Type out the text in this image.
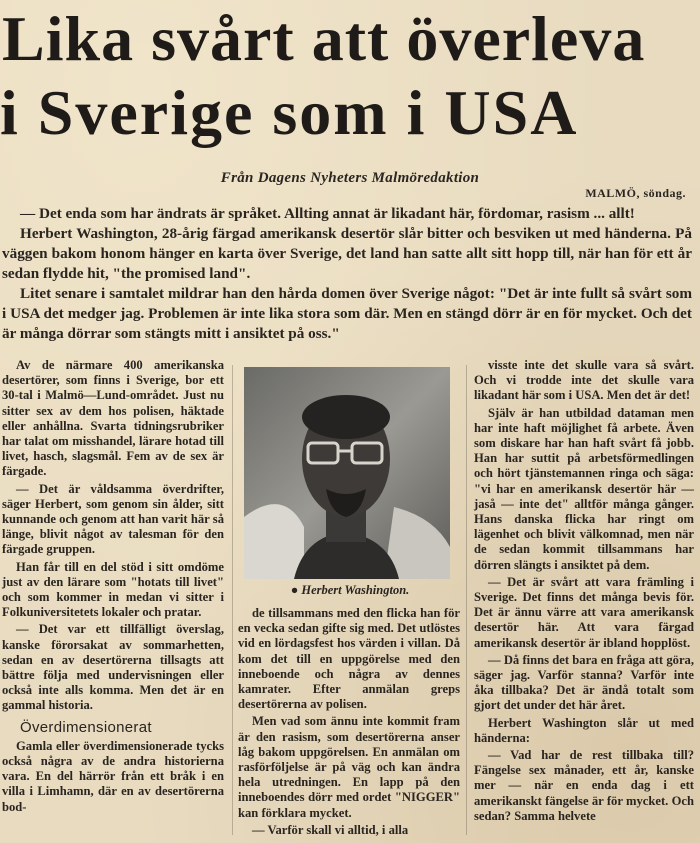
Lika svårt att överleva
i Sverige som i USA
Från Dagens Nyheters Malmöredaktion
MALMÖ, söndag.

— Det enda som har ändrats är språket. Allting annat är likadant här, fördomar, rasism ... allt!

Herbert Washington, 28-årig färgad amerikansk desertör slår bitter och besviken ut med händerna. På väggen bakom honom hänger en karta över Sverige, det land han satte allt sitt hopp till, när han för ett år sedan flydde hit, "the promised land".

Litet senare i samtalet mildrar han den hårda domen över Sverige något: "Det är inte fullt så svårt som i USA det medger jag. Problemen är inte lika stora som där. Men en stängd dörr är en för mycket. Och det är många dörrar som stängts mitt i ansiktet på oss."

Av de närmare 400 amerikanska desertörer, som finns i Sverige, bor ett 30-tal i Malmö—Lund-området. Just nu sitter sex av dem hos polisen, häktade eller anhållna. Svarta tidningsrubriker har talat om misshandel, lärare hotad till livet, hasch, slagsmål. Fem av de sex är färgade.

— Det är våldsamma överdrifter, säger Herbert, som genom sin ålder, sitt kunnande och genom att han varit här så länge, blivit något av talesman för den färgade gruppen.

Han får till en del stöd i sitt omdöme just av den lärare som "hotats till livet" och som kommer in medan vi sitter i Folkuniversitetets lokaler och pratar.

— Det var ett tillfälligt överslag, kanske förorsakat av sommarhetten, sedan en av desertörerna tillsagts att bättre följa med undervisningen eller också inte alls komma. Men det är en gammal historia.

Överdimensionerat

Gamla eller överdimensionerade tycks också några av de andra historierna vara. En del härrör från ett bråk i en villa i Limhamn, där en av desertörerna bod-

● Herbert Washington.

de tillsammans med den flicka han för en vecka sedan gifte sig med. Det utlöstes vid en lördagsfest hos värden i villan. Då kom det till en uppgörelse med den inneboende och några av dennes kamrater. Efter anmälan greps desertörerna av polisen.

Men vad som ännu inte kommit fram är den rasism, som desertörerna anser låg bakom uppgörelsen. En anmälan om rasförföljelse är på väg och kan ändra hela utredningen. En lapp på den inneboendes dörr med ordet "NIGGER" kan förklara mycket.

— Varför skall vi alltid, i alla

visste inte det skulle vara så svårt. Och vi trodde inte det skulle vara likadant här som i USA. Men det är det!

Själv är han utbildad dataman men har inte haft möjlighet få arbete. Även som diskare har han haft svårt få jobb. Han har suttit på arbetsförmedlingen och hört tjänstemannen ringa och säga: "vi har en amerikansk desertör här — jaså — inte det" alltför många gånger. Hans danska flicka har ringt om lägenhet och blivit välkomnad, men när de sedan kommit tillsammans har dörren slängts i ansiktet på dem.

— Det är svårt att vara främling i Sverige. Det finns det många bevis för. Det är ännu värre att vara amerikansk desertör här. Att vara färgad amerikansk desertör är ibland hopplöst.

— Då finns det bara en fråga att göra, säger jag. Varför stanna? Varför inte åka tillbaka? Det är ändå totalt som gjort det under det här året.

Herbert Washington slår ut med händerna:

— Vad har de rest tillbaka till? Fängelse sex månader, ett år, kanske mer — när en enda dag i ett amerikanskt fängelse är för mycket. Och sedan? Samma helvete
